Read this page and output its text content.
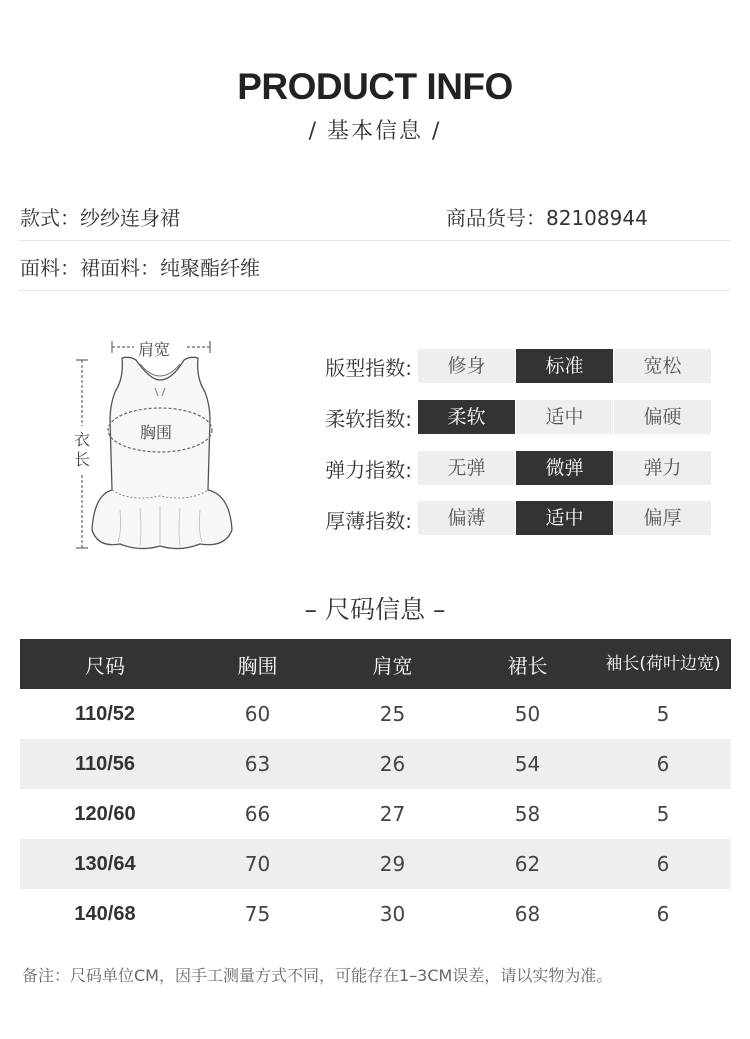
PRODUCT INFO
/ 基本信息 /
款式：纱纱连身裙	商品货号：82108944
面料：裙面料：纯聚酯纤维
肩宽
胸围
衣长
版型指数:	修身	标准	宽松
柔软指数:	柔软	适中	偏硬
弹力指数:	无弹	微弹	弹力
厚薄指数:	偏薄	适中	偏厚
– 尺码信息 –
尺码	胸围	肩宽	裙长	袖长(荷叶边宽)
110/52	60	25	50	5
110/56	63	26	54	6
120/60	66	27	58	5
130/64	70	29	62	6
140/68	75	30	68	6
备注：尺码单位CM，因手工测量方式不同，可能存在1–3CM误差，请以实物为准。
